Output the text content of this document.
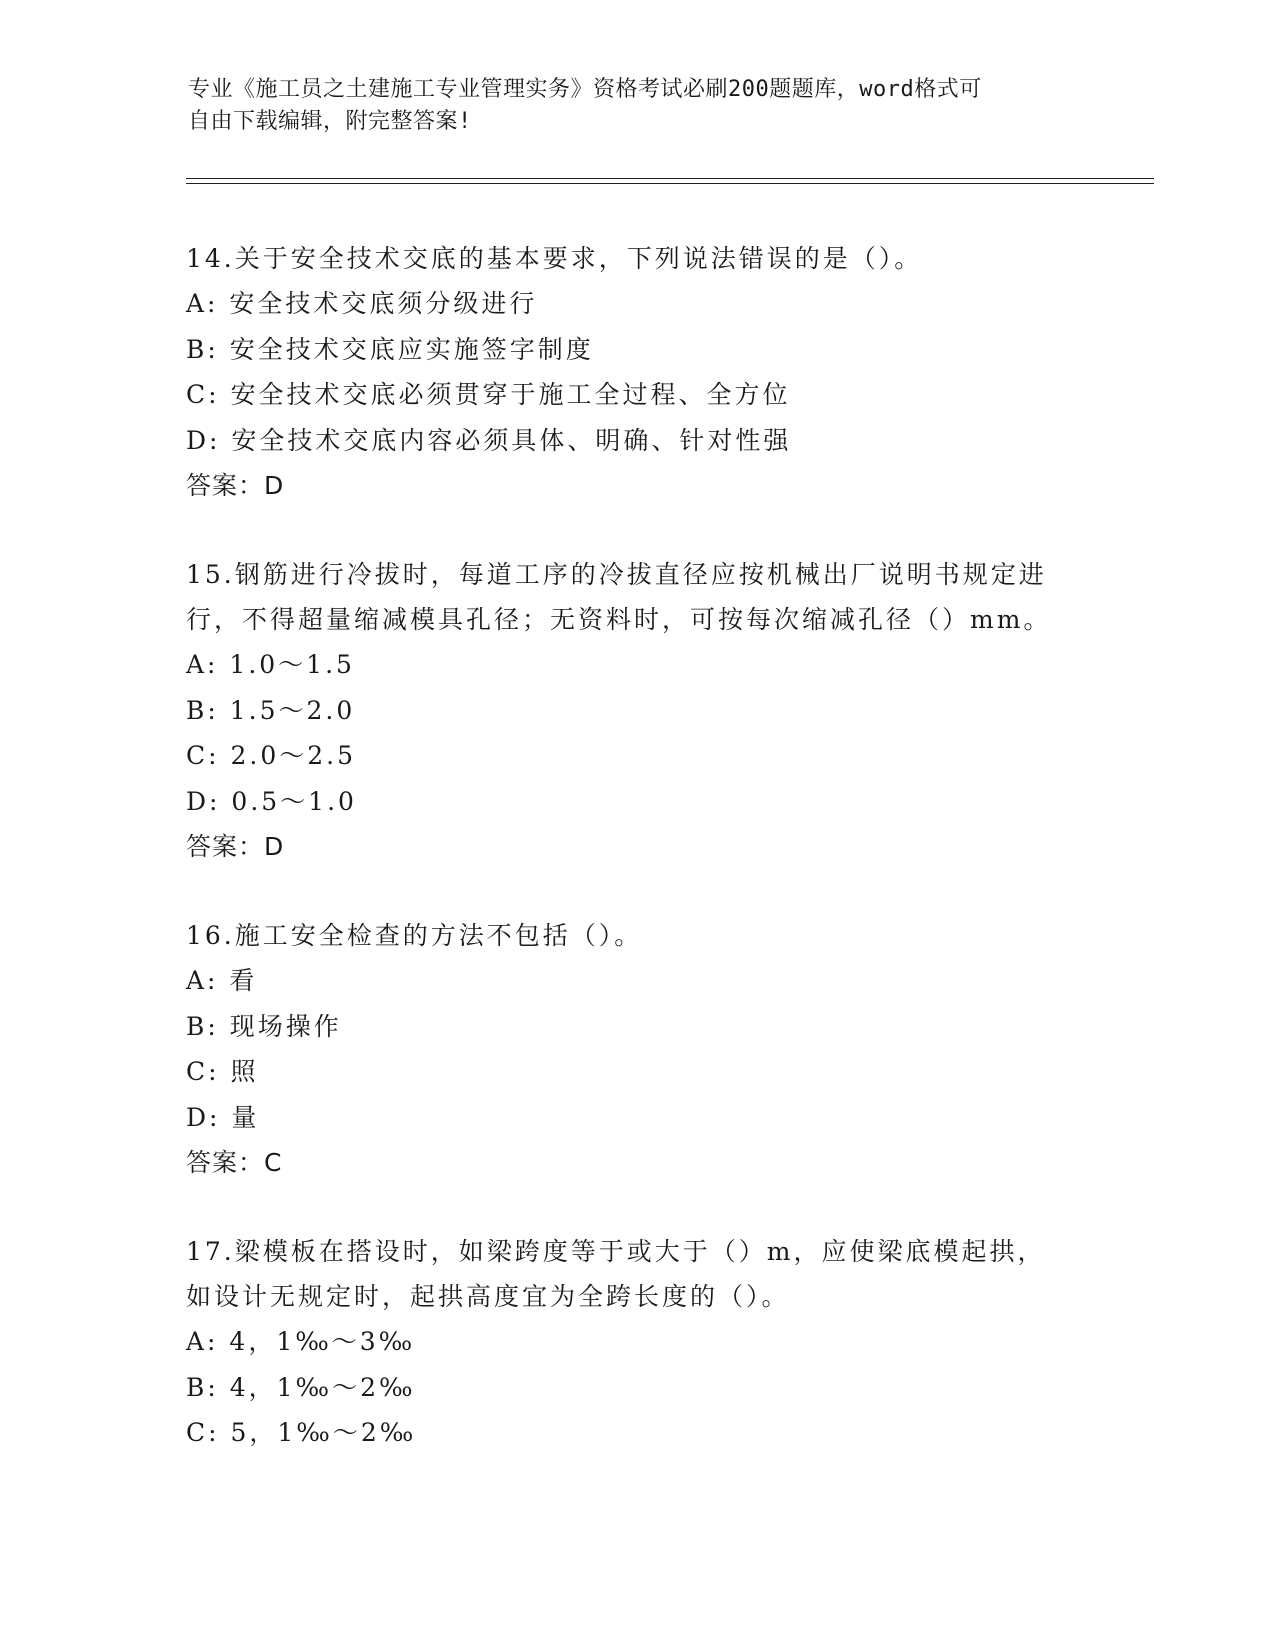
专业《施工员之土建施工专业管理实务》资格考试必刷200题题库，word格式可
自由下载编辑，附完整答案!
14.关于安全技术交底的基本要求，下列说法错误的是（）。
A: 安全技术交底须分级进行
B: 安全技术交底应实施签字制度
C: 安全技术交底必须贯穿于施工全过程、全方位
D: 安全技术交底内容必须具体、明确、针对性强
答案：D
15.钢筋进行冷拔时，每道工序的冷拔直径应按机械出厂说明书规定进
行，不得超量缩减模具孔径；无资料时，可按每次缩减孔径（）mm。
A: 1.0～1.5
B: 1.5～2.0
C: 2.0～2.5
D: 0.5～1.0
答案：D
16.施工安全检查的方法不包括（）。
A: 看
B: 现场操作
C: 照
D: 量
答案：C
17.梁模板在搭设时，如梁跨度等于或大于（）m，应使梁底模起拱，
如设计无规定时，起拱高度宜为全跨长度的（）。
A: 4，1‰～3‰
B: 4，1‰～2‰
C: 5，1‰～2‰
